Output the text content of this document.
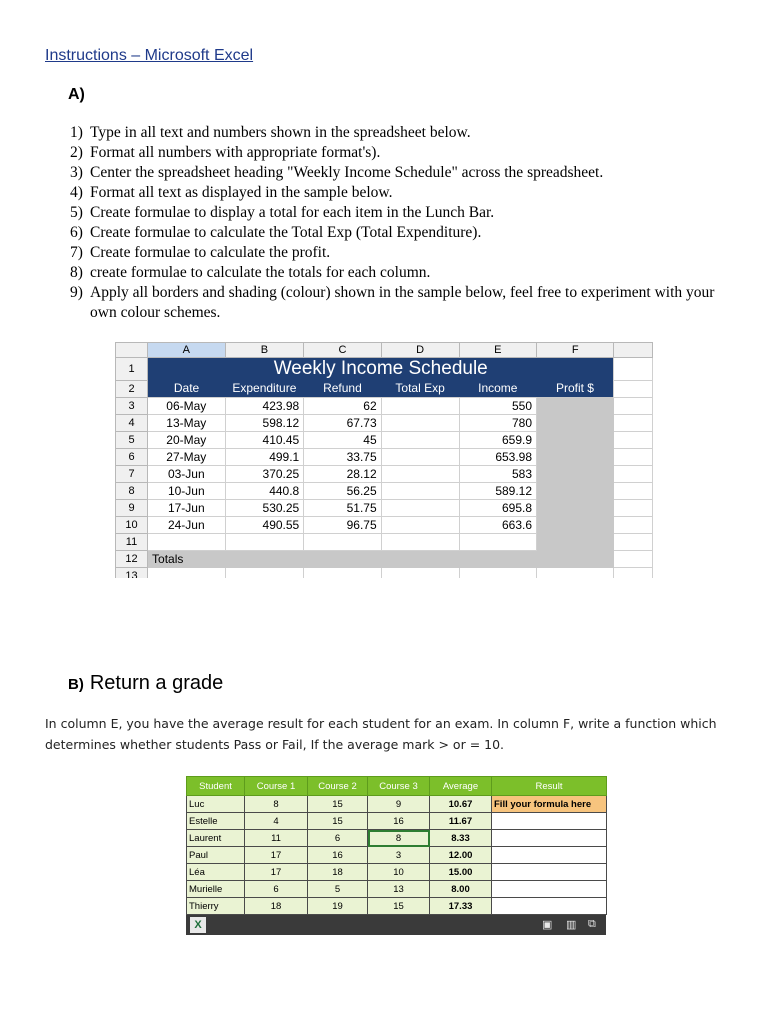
Instructions – Microsoft Excel
A)
1) Type in all text and numbers shown in the spreadsheet below.
2) Format all numbers with appropriate format's).
3) Center the spreadsheet heading "Weekly Income Schedule" across the spreadsheet.
4) Format all text as displayed in the sample below.
5) Create formulae to display a total for each item in the Lunch Bar.
6) Create formulae to calculate the Total Exp (Total Expenditure).
7) Create formulae to calculate the profit.
8) create formulae to calculate the totals for each column.
9) Apply all borders and shading (colour) shown in the sample below, feel free to experiment with your own colour schemes.
	A	B	C	D	E	F	
1	Weekly Income Schedule						
2	Date	Expenditure	Refund	Total Exp	Income	Profit $	
3	06-May	423.98	62		550		
4	13-May	598.12	67.73		780		
5	20-May	410.45	45		659.9		
6	27-May	499.1	33.75		653.98		
7	03-Jun	370.25	28.12		583		
8	10-Jun	440.8	56.25		589.12		
9	17-Jun	530.25	51.75		695.8		
10	24-Jun	490.55	96.75		663.6		
11							
12	Totals						
13							
B) Return a grade
In column E, you have the average result for each student for an exam. In column F, write a function which determines whether students Pass or Fail, If the average mark > or = 10.
Student	Course 1	Course 2	Course 3	Average	Result
Luc	8	15	9	10.67	Fill your formula here
Estelle	4	15	16	11.67	
Laurent	11	6	8	8.33	
Paul	17	16	3	12.00	
Léa	17	18	10	15.00	
Murielle	6	5	13	8.00	
Thierry	18	19	15	17.33	
X	▣ ▥ ⧉
